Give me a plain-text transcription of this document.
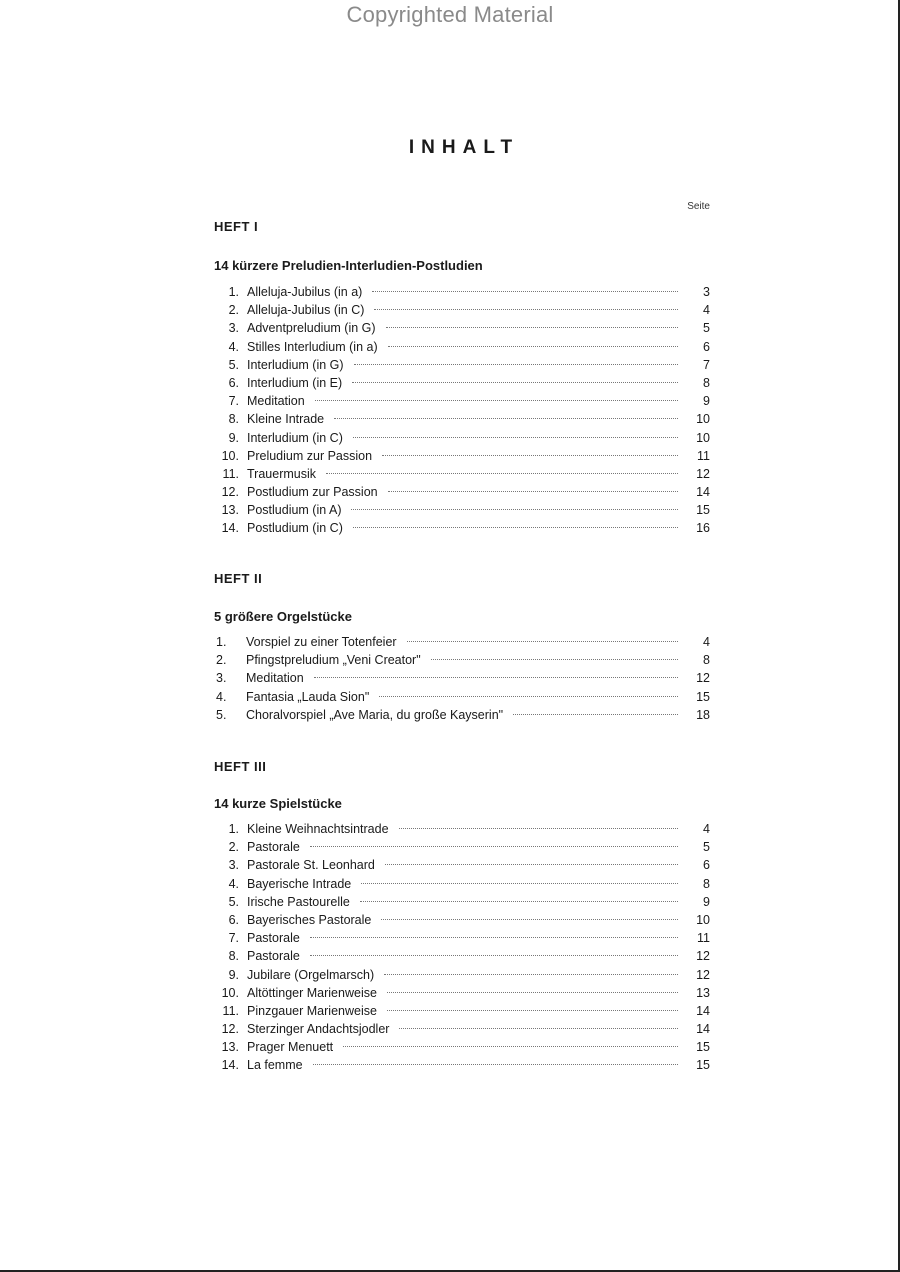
Copyrighted Material
INHALT
Seite
HEFT I
14 kürzere Preludien-Interludien-Postludien
1. Alleluja-Jubilus (in a)	3
2. Alleluja-Jubilus (in C)	4
3. Adventpreludium (in G)	5
4. Stilles Interludium (in a)	6
5. Interludium (in G)	7
6. Interludium (in E)	8
7. Meditation	9
8. Kleine Intrade	10
9. Interludium (in C)	10
10. Preludium zur Passion	11
11. Trauermusik	12
12. Postludium zur Passion	14
13. Postludium (in A)	15
14. Postludium (in C)	16
HEFT II
5 größere Orgelstücke
1.	Vorspiel zu einer Totenfeier	4
2.	Pfingstpreludium „Veni Creator"	8
3.	Meditation	12
4.	Fantasia „Lauda Sion"	15
5.	Choralvorspiel „Ave Maria, du große Kayserin"	18
HEFT III
14 kurze Spielstücke
1. Kleine Weihnachtsintrade	4
2. Pastorale	5
3. Pastorale St. Leonhard	6
4. Bayerische Intrade	8
5. Irische Pastourelle	9
6. Bayerisches Pastorale	10
7. Pastorale	11
8. Pastorale	12
9. Jubilare (Orgelmarsch)	12
10. Altöttinger Marienweise	13
11. Pinzgauer Marienweise	14
12. Sterzinger Andachtsjodler	14
13. Prager Menuett	15
14. La femme	15
